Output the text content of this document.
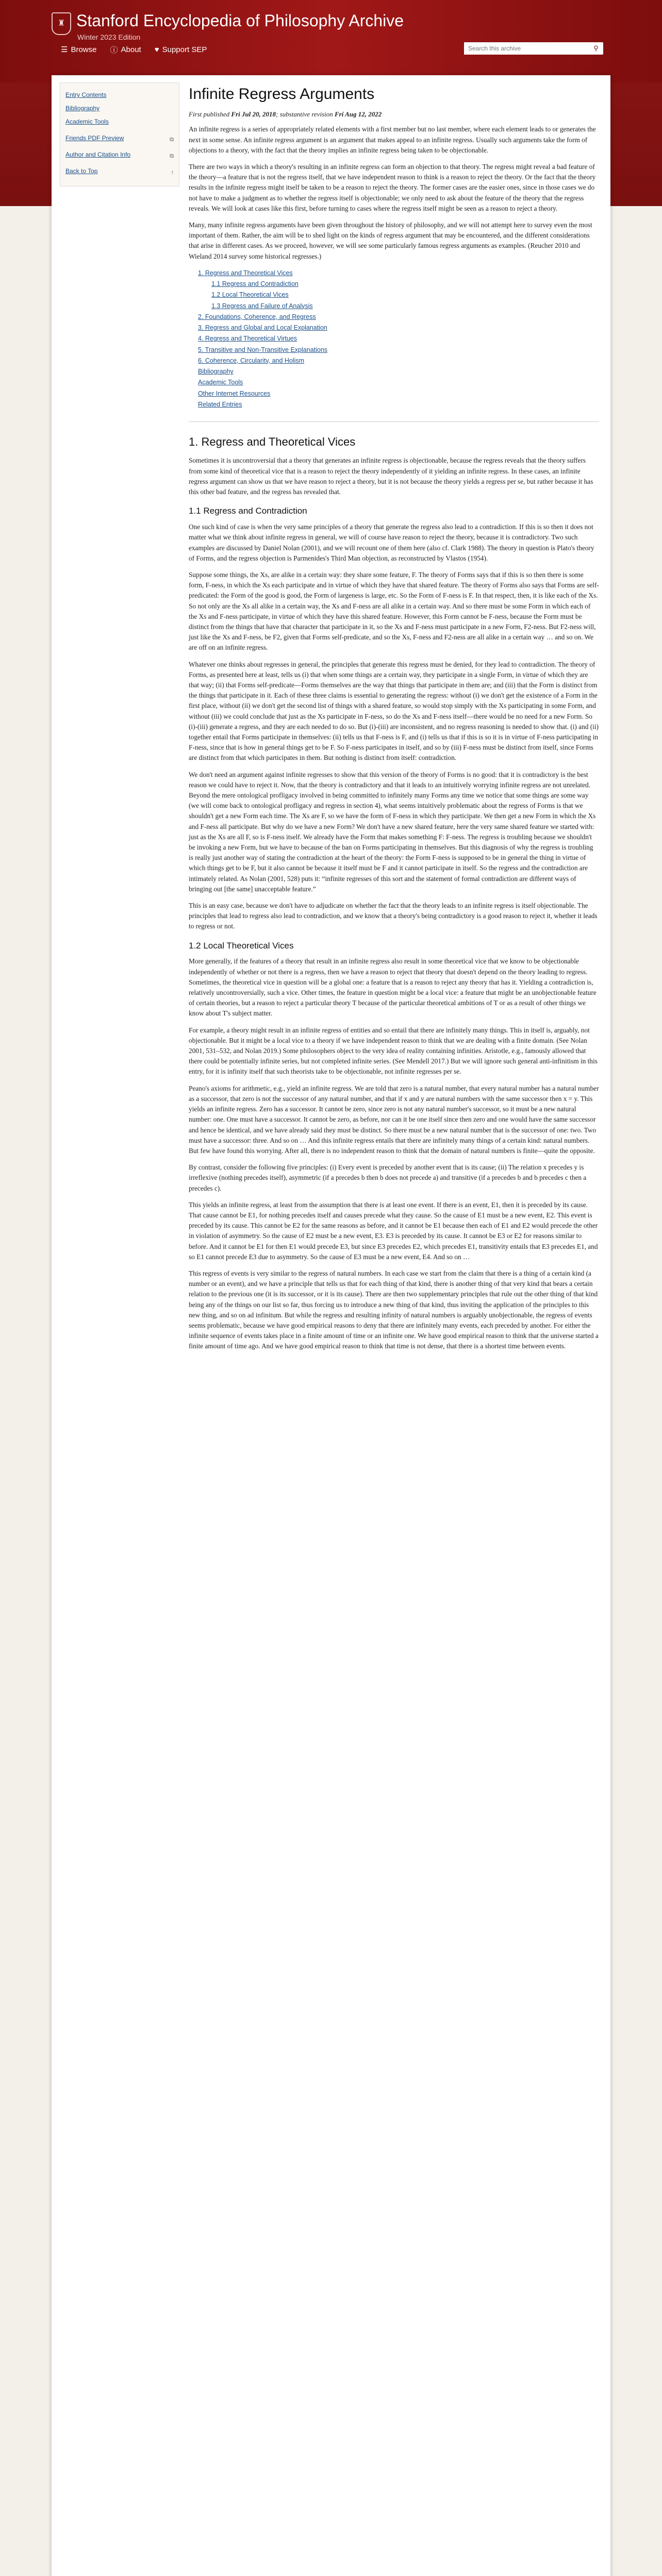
♜ Stanford Encyclopedia of Philosophy Archive
Winter 2023 Edition
☰ Browse ⓘ About ♥ Support SEP
Search this archive	⚲
Entry Contents
Bibliography
Academic Tools
Friends PDF Preview	⧉
Author and Citation Info	⧉
Back to Top	↑
Infinite Regress Arguments
First published Fri Jul 20, 2018; substantive revision Fri Aug 12, 2022

An infinite regress is a series of appropriately related elements with a first member but no last member, where each element leads to or generates the next in some sense. An infinite regress argument is an argument that makes appeal to an infinite regress. Usually such arguments take the form of objections to a theory, with the fact that the theory implies an infinite regress being taken to be objectionable.

There are two ways in which a theory's resulting in an infinite regress can form an objection to that theory. The regress might reveal a bad feature of the theory—a feature that is not the regress itself, that we have independent reason to think is a reason to reject the theory. Or the fact that the theory results in the infinite regress might itself be taken to be a reason to reject the theory. The former cases are the easier ones, since in those cases we do not have to make a judgment as to whether the regress itself is objectionable; we only need to ask about the feature of the theory that the regress reveals. We will look at cases like this first, before turning to cases where the regress itself might be seen as a reason to reject a theory.

Many, many infinite regress arguments have been given throughout the history of philosophy, and we will not attempt here to survey even the most important of them. Rather, the aim will be to shed light on the kinds of regress argument that may be encountered, and the different considerations that arise in different cases. As we proceed, however, we will see some particularly famous regress arguments as examples. (Reucher 2010 and Wieland 2014 survey some historical regresses.)

1. Regress and Theoretical Vices
1.1 Regress and Contradiction
1.2 Local Theoretical Vices
1.3 Regress and Failure of Analysis
2. Foundations, Coherence, and Regress
3. Regress and Global and Local Explanation
4. Regress and Theoretical Virtues
5. Transitive and Non-Transitive Explanations
6. Coherence, Circularity, and Holism
Bibliography
Academic Tools
Other Internet Resources
Related Entries
1. Regress and Theoretical Vices

Sometimes it is uncontroversial that a theory that generates an infinite regress is objectionable, because the regress reveals that the theory suffers from some kind of theoretical vice that is a reason to reject the theory independently of it yielding an infinite regress. In these cases, an infinite regress argument can show us that we have reason to reject a theory, but it is not because the theory yields a regress per se, but rather because it has this other bad feature, and the regress has revealed that.

1.1 Regress and Contradiction

One such kind of case is when the very same principles of a theory that generate the regress also lead to a contradiction. If this is so then it does not matter what we think about infinite regress in general, we will of course have reason to reject the theory, because it is contradictory. Two such examples are discussed by Daniel Nolan (2001), and we will recount one of them here (also cf. Clark 1988). The theory in question is Plato's theory of Forms, and the regress objection is Parmenides's Third Man objection, as reconstructed by Vlastos (1954).

Suppose some things, the Xs, are alike in a certain way: they share some feature, F. The theory of Forms says that if this is so then there is some form, F-ness, in which the Xs each participate and in virtue of which they have that shared feature. The theory of Forms also says that Forms are self-predicated: the Form of the good is good, the Form of largeness is large, etc. So the Form of F-ness is F. In that respect, then, it is like each of the Xs. So not only are the Xs all alike in a certain way, the Xs and F-ness are all alike in a certain way. And so there must be some Form in which each of the Xs and F-ness participate, in virtue of which they have this shared feature. However, this Form cannot be F-ness, because the Form must be distinct from the things that have that character that participate in it, so the Xs and F-ness must participate in a new Form, F2-ness. But F2-ness will, just like the Xs and F-ness, be F2, given that Forms self-predicate, and so the Xs, F-ness and F2-ness are all alike in a certain way … and so on. We are off on an infinite regress.

Whatever one thinks about regresses in general, the principles that generate this regress must be denied, for they lead to contradiction. The theory of Forms, as presented here at least, tells us (i) that when some things are a certain way, they participate in a single Form, in virtue of which they are that way; (ii) that Forms self-predicate—Forms themselves are the way that things that participate in them are; and (iii) that the Form is distinct from the things that participate in it. Each of these three claims is essential to generating the regress: without (i) we don't get the existence of a Form in the first place, without (ii) we don't get the second list of things with a shared feature, so would stop simply with the Xs participating in some Form, and without (iii) we could conclude that just as the Xs participate in F-ness, so do the Xs and F-ness itself—there would be no need for a new Form. So (i)-(iii) generate a regress, and they are each needed to do so. But (i)-(iii) are inconsistent, and no regress reasoning is needed to show that. (i) and (ii) together entail that Forms participate in themselves: (ii) tells us that F-ness is F, and (i) tells us that if this is so it is in virtue of F-ness participating in F-ness, since that is how in general things get to be F. So F-ness participates in itself, and so by (iii) F-ness must be distinct from itself, since Forms are distinct from that which participates in them. But nothing is distinct from itself: contradiction.

We don't need an argument against infinite regresses to show that this version of the theory of Forms is no good: that it is contradictory is the best reason we could have to reject it. Now, that the theory is contradictory and that it leads to an intuitively worrying infinite regress are not unrelated. Beyond the mere ontological profligacy involved in being committed to infinitely many Forms any time we notice that some things are some way (we will come back to ontological profligacy and regress in section 4), what seems intuitively problematic about the regress of Forms is that we shouldn't get a new Form each time. The Xs are F, so we have the form of F-ness in which they participate. We then get a new Form in which the Xs and F-ness all participate. But why do we have a new Form? We don't have a new shared feature, here the very same shared feature we started with: just as the Xs are all F, so is F-ness itself. We already have the Form that makes something F: F-ness. The regress is troubling because we shouldn't be invoking a new Form, but we have to because of the ban on Forms participating in themselves. But this diagnosis of why the regress is troubling is really just another way of stating the contradiction at the heart of the theory: the Form F-ness is supposed to be in general the thing in virtue of which things get to be F, but it also cannot be because it itself must be F and it cannot participate in itself. So the regress and the contradiction are intimately related. As Nolan (2001, 528) puts it: “infinite regresses of this sort and the statement of formal contradiction are different ways of bringing out [the same] unacceptable feature.”

This is an easy case, because we don't have to adjudicate on whether the fact that the theory leads to an infinite regress is itself objectionable. The principles that lead to regress also lead to contradiction, and we know that a theory's being contradictory is a good reason to reject it, whether it leads to regress or not.

1.2 Local Theoretical Vices

More generally, if the features of a theory that result in an infinite regress also result in some theoretical vice that we know to be objectionable independently of whether or not there is a regress, then we have a reason to reject that theory that doesn't depend on the theory leading to regress. Sometimes, the theoretical vice in question will be a global one: a feature that is a reason to reject any theory that has it. Yielding a contradiction is, relatively uncontroversially, such a vice. Other times, the feature in question might be a local vice: a feature that might be an unobjectionable feature of certain theories, but a reason to reject a particular theory T because of the particular theoretical ambitions of T or as a result of other things we know about T's subject matter.

For example, a theory might result in an infinite regress of entities and so entail that there are infinitely many things. This in itself is, arguably, not objectionable. But it might be a local vice to a theory if we have independent reason to think that we are dealing with a finite domain. (See Nolan 2001, 531–532, and Nolan 2019.) Some philosophers object to the very idea of reality containing infinities. Aristotle, e.g., famously allowed that there could be potentially infinite series, but not completed infinite series. (See Mendell 2017.) But we will ignore such general anti-infinitism in this entry, for it is infinity itself that such theorists take to be objectionable, not infinite regresses per se.

Peano's axioms for arithmetic, e.g., yield an infinite regress. We are told that zero is a natural number, that every natural number has a natural number as a successor, that zero is not the successor of any natural number, and that if x and y are natural numbers with the same successor then x = y. This yields an infinite regress. Zero has a successor. It cannot be zero, since zero is not any natural number's successor, so it must be a new natural number: one. One must have a successor. It cannot be zero, as before, nor can it be one itself since then zero and one would have the same successor and hence be identical, and we have already said they must be distinct. So there must be a new natural number that is the successor of one: two. Two must have a successor: three. And so on … And this infinite regress entails that there are infinitely many things of a certain kind: natural numbers. But few have found this worrying. After all, there is no independent reason to think that the domain of natural numbers is finite—quite the opposite.

By contrast, consider the following five principles: (i) Every event is preceded by another event that is its cause; (ii) The relation x precedes y is irreflexive (nothing precedes itself), asymmetric (if a precedes b then b does not precede a) and transitive (if a precedes b and b precedes c then a precedes c).

This yields an infinite regress, at least from the assumption that there is at least one event. If there is an event, E1, then it is preceded by its cause. That cause cannot be E1, for nothing precedes itself and causes precede what they cause. So the cause of E1 must be a new event, E2. This event is preceded by its cause. This cannot be E2 for the same reasons as before, and it cannot be E1 because then each of E1 and E2 would precede the other in violation of asymmetry. So the cause of E2 must be a new event, E3. E3 is preceded by its cause. It cannot be E3 or E2 for reasons similar to before. And it cannot be E1 for then E1 would precede E3, but since E3 precedes E2, which precedes E1, transitivity entails that E3 precedes E1, and so E1 cannot precede E3 due to asymmetry. So the cause of E3 must be a new event, E4. And so on …

This regress of events is very similar to the regress of natural numbers. In each case we start from the claim that there is a thing of a certain kind (a number or an event), and we have a principle that tells us that for each thing of that kind, there is another thing of that very kind that bears a certain relation to the previous one (it is its successor, or it is its cause). There are then two supplementary principles that rule out the other thing of that kind being any of the things on our list so far, thus forcing us to introduce a new thing of that kind, thus inviting the application of the principles to this new thing, and so on ad infinitum. But while the regress and resulting infinity of natural numbers is arguably unobjectionable, the regress of events seems problematic, because we have good empirical reasons to deny that there are infinitely many events, each preceded by another. For either the infinite sequence of events takes place in a finite amount of time or an infinite one. We have good empirical reason to think that the universe started a finite amount of time ago. And we have good empirical reason to think that time is not dense, that there is a shortest time between events.
